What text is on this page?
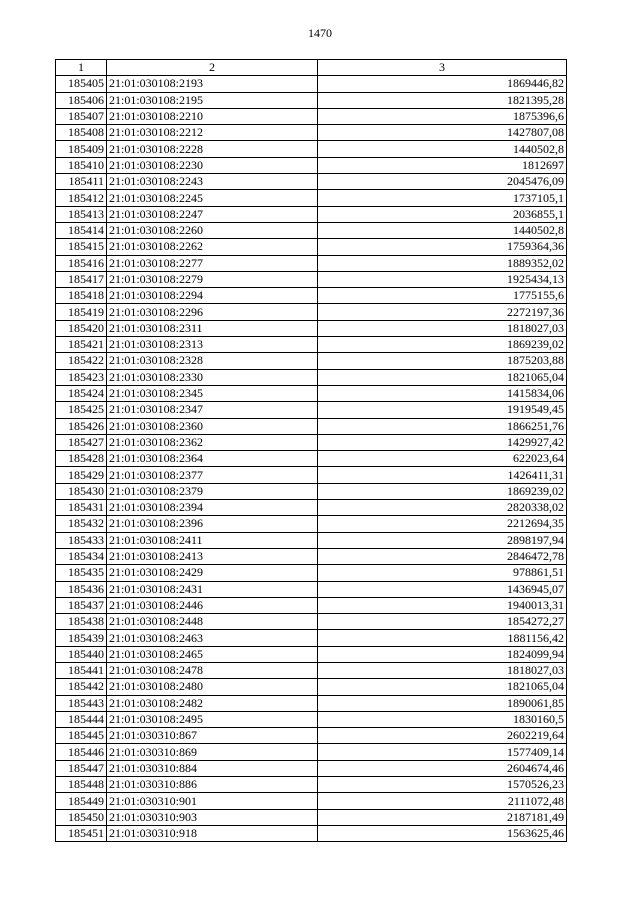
1470
1	2	3
185405	21:01:030108:2193	1869446,82
185406	21:01:030108:2195	1821395,28
185407	21:01:030108:2210	1875396,6
185408	21:01:030108:2212	1427807,08
185409	21:01:030108:2228	1440502,8
185410	21:01:030108:2230	1812697
185411	21:01:030108:2243	2045476,09
185412	21:01:030108:2245	1737105,1
185413	21:01:030108:2247	2036855,1
185414	21:01:030108:2260	1440502,8
185415	21:01:030108:2262	1759364,36
185416	21:01:030108:2277	1889352,02
185417	21:01:030108:2279	1925434,13
185418	21:01:030108:2294	1775155,6
185419	21:01:030108:2296	2272197,36
185420	21:01:030108:2311	1818027,03
185421	21:01:030108:2313	1869239,02
185422	21:01:030108:2328	1875203,88
185423	21:01:030108:2330	1821065,04
185424	21:01:030108:2345	1415834,06
185425	21:01:030108:2347	1919549,45
185426	21:01:030108:2360	1866251,76
185427	21:01:030108:2362	1429927,42
185428	21:01:030108:2364	622023,64
185429	21:01:030108:2377	1426411,31
185430	21:01:030108:2379	1869239,02
185431	21:01:030108:2394	2820338,02
185432	21:01:030108:2396	2212694,35
185433	21:01:030108:2411	2898197,94
185434	21:01:030108:2413	2846472,78
185435	21:01:030108:2429	978861,51
185436	21:01:030108:2431	1436945,07
185437	21:01:030108:2446	1940013,31
185438	21:01:030108:2448	1854272,27
185439	21:01:030108:2463	1881156,42
185440	21:01:030108:2465	1824099,94
185441	21:01:030108:2478	1818027,03
185442	21:01:030108:2480	1821065,04
185443	21:01:030108:2482	1890061,85
185444	21:01:030108:2495	1830160,5
185445	21:01:030310:867	2602219,64
185446	21:01:030310:869	1577409,14
185447	21:01:030310:884	2604674,46
185448	21:01:030310:886	1570526,23
185449	21:01:030310:901	2111072,48
185450	21:01:030310:903	2187181,49
185451	21:01:030310:918	1563625,46
